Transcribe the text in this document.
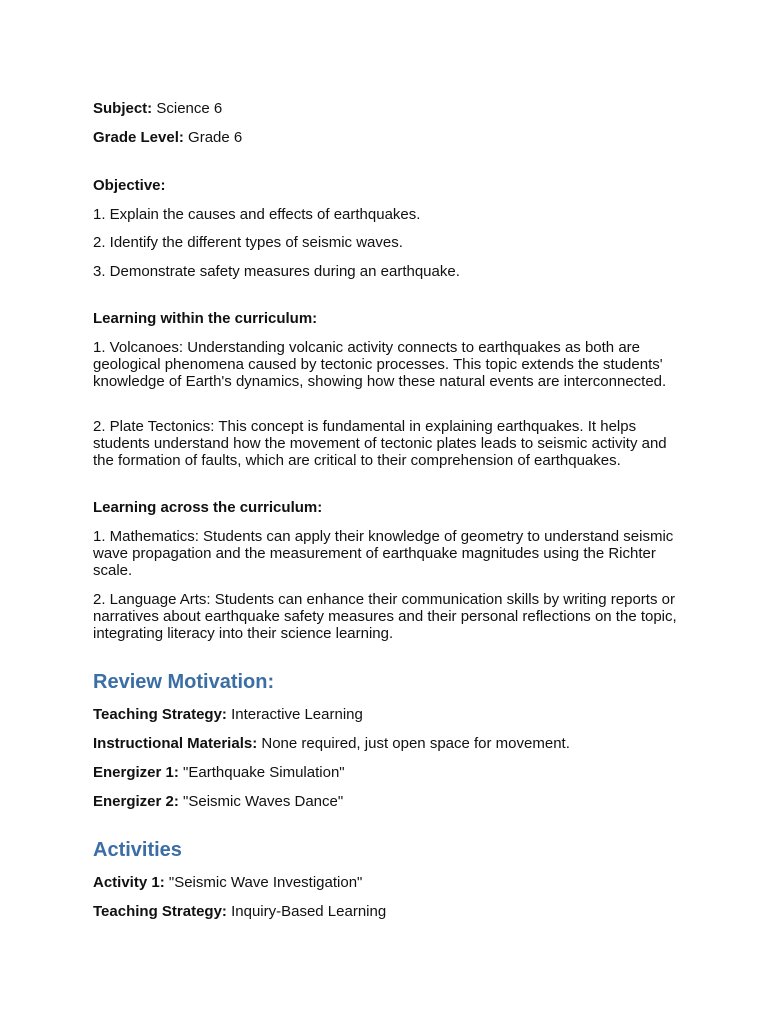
Subject: Science 6

Grade Level: Grade 6

Objective:

1. Explain the causes and effects of earthquakes.

2. Identify the different types of seismic waves.

3. Demonstrate safety measures during an earthquake.

Learning within the curriculum:

1. Volcanoes: Understanding volcanic activity connects to earthquakes as both are geological phenomena caused by tectonic processes. This topic extends the students' knowledge of Earth's dynamics, showing how these natural events are interconnected.

2. Plate Tectonics: This concept is fundamental in explaining earthquakes. It helps students understand how the movement of tectonic plates leads to seismic activity and the formation of faults, which are critical to their comprehension of earthquakes.

Learning across the curriculum:

1. Mathematics: Students can apply their knowledge of geometry to understand seismic wave propagation and the measurement of earthquake magnitudes using the Richter scale.

2. Language Arts: Students can enhance their communication skills by writing reports or narratives about earthquake safety measures and their personal reflections on the topic, integrating literacy into their science learning.

Review Motivation:

Teaching Strategy: Interactive Learning

Instructional Materials: None required, just open space for movement.

Energizer 1: "Earthquake Simulation"

Energizer 2: "Seismic Waves Dance"

Activities

Activity 1: "Seismic Wave Investigation"

Teaching Strategy: Inquiry-Based Learning
